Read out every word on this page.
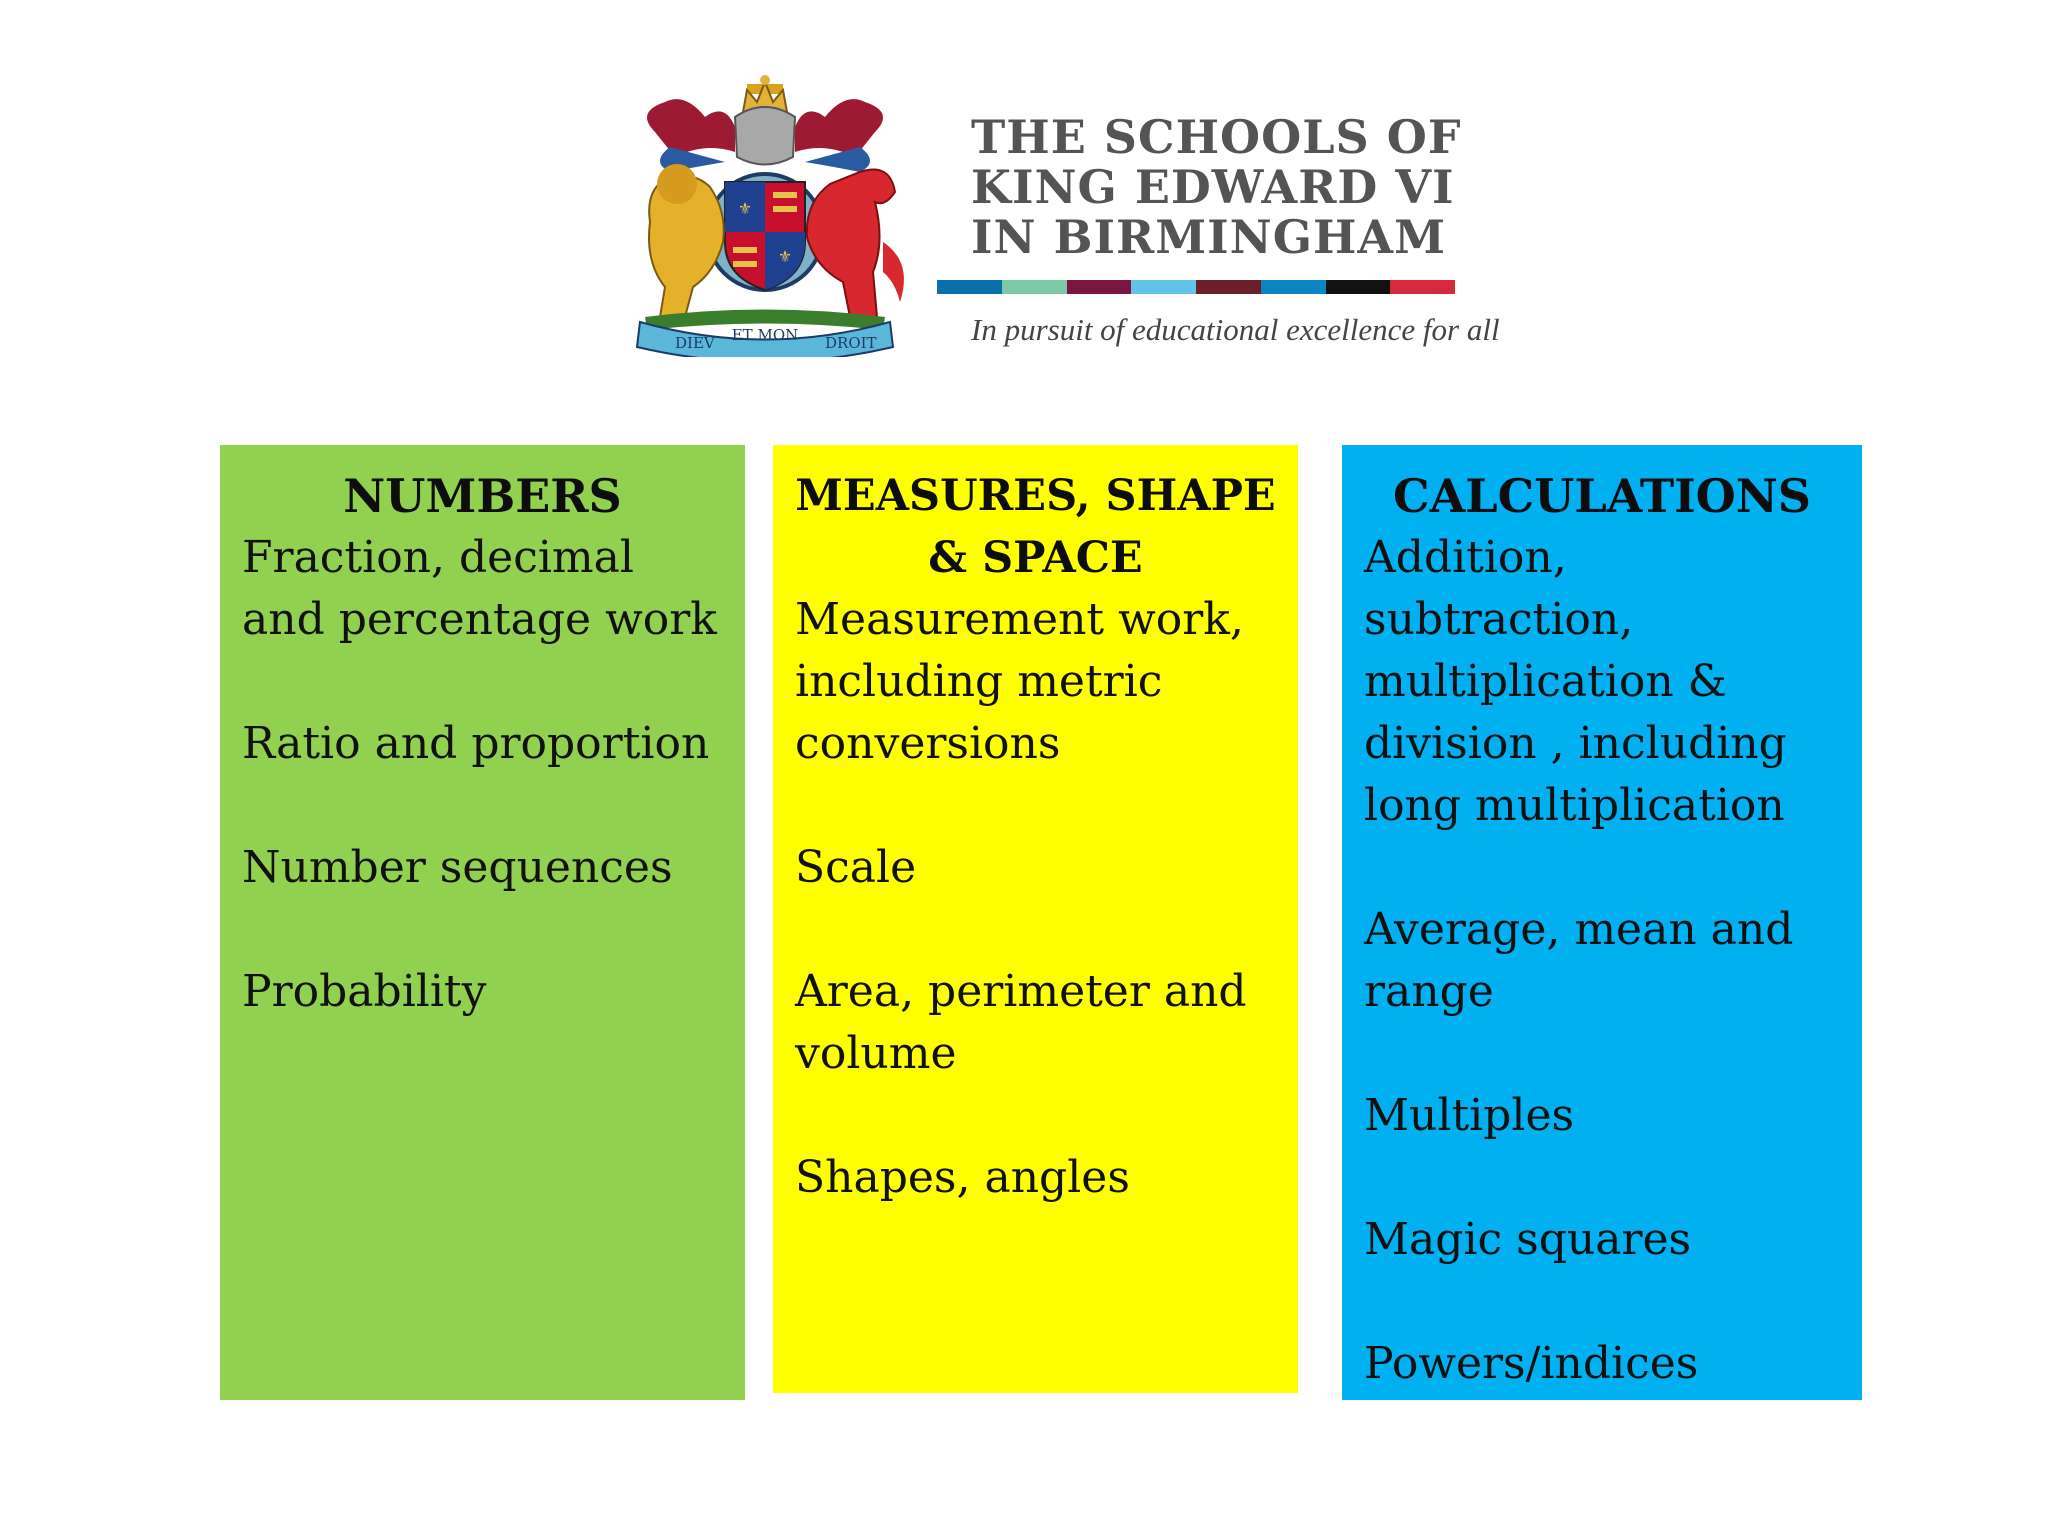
⚜
⚜
DIEV ET MON DROIT
THE SCHOOLS OF
KING EDWARD VI
IN BIRMINGHAM
In pursuit of educational excellence for all
NUMBERS
Fraction, decimal and percentage work
Ratio and proportion
Number sequences
Probability
MEASURES, SHAPE & SPACE
Measurement work, including metric conversions
Scale
Area, perimeter and volume
Shapes, angles
CALCULATIONS
Addition, subtraction, multiplication & division , including long multiplication
Average, mean and range
Multiples
Magic squares
Powers/indices
